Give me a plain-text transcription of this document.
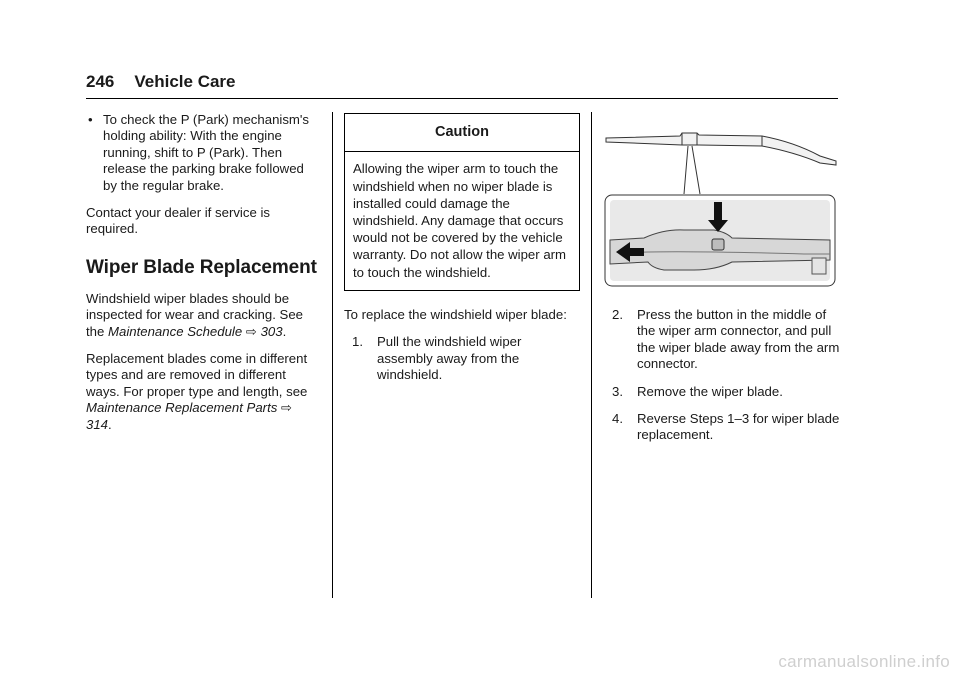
246 Vehicle Care
• To check the P (Park) mechanism's holding ability: With the engine running, shift to P (Park). Then release the parking brake followed by the regular brake.

Contact your dealer if service is required.

Wiper Blade Replacement

Windshield wiper blades should be inspected for wear and cracking. See the Maintenance Schedule ⇨ 303.

Replacement blades come in different types and are removed in different ways. For proper type and length, see Maintenance Replacement Parts ⇨ 314.

Caution
Allowing the wiper arm to touch the windshield when no wiper blade is installed could damage the windshield. Any damage that occurs would not be covered by the vehicle warranty. Do not allow the wiper arm to touch the windshield.

To replace the windshield wiper blade:

1. Pull the windshield wiper assembly away from the windshield.
2. Press the button in the middle of the wiper arm connector, and pull the wiper blade away from the arm connector.
3. Remove the wiper blade.
4. Reverse Steps 1–3 for wiper blade replacement.
carmanualsonline.info
